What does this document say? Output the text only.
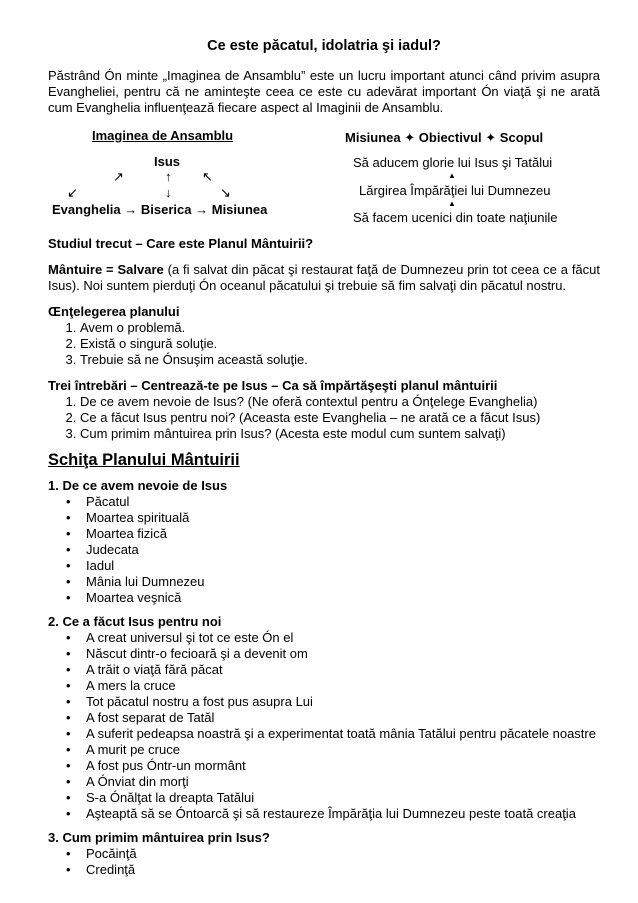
Ce este păcatul, idolatria şi iadul?

Păstrând Ón minte „Imaginea de Ansamblu” este un lucru important atunci când privim asupra Evangheliei, pentru că ne aminteşte ceea ce este cu adevărat important Ón viaţă şi ne arată cum Evanghelia influenţează fiecare aspect al Imaginii de Ansamblu.

Imaginea de Ansamblu
Isus
↗	↑ ↖
↙	↓	↘
Evanghelia → Biserica → Misiunea
Misiunea ✦ Obiectivul ✦ Scopul
Să aducem glorie lui Isus şi Tatălui
▲
Lărgirea Împărăţiei lui Dumnezeu
▲
Să facem ucenici din toate naţiunile

Studiul trecut – Care este Planul Mântuirii?

Mântuire = Salvare (a fi salvat din păcat şi restaurat faţă de Dumnezeu prin tot ceea ce a făcut Isus). Noi suntem pierduţi Ón oceanul păcatului şi trebuie să fim salvaţi din păcatul nostru.

Œnţelegerea planului
1. Avem o problemă.
2. Există o singură soluţie.
3. Trebuie să ne Ónsuşim această soluţie.
Trei întrebări – Centrează-te pe Isus – Ca să împărtăşeşti planul mântuirii
1. De ce avem nevoie de Isus? (Ne oferă contextul pentru a Ónţelege Evanghelia)
2. Ce a făcut Isus pentru noi? (Aceasta este Evanghelia – ne arată ce a făcut Isus)
3. Cum primim mântuirea prin Isus? (Acesta este modul cum suntem salvaţi)
Schiţa Planului Mântuirii
1. De ce avem nevoie de Isus
• Păcatul
• Moartea spirituală
• Moartea fizică
• Judecata
• Iadul
• Mânia lui Dumnezeu
• Moartea veşnică
2. Ce a făcut Isus pentru noi
• A creat universul şi tot ce este Ón el
• Născut dintr-o fecioară şi a devenit om
• A trăit o viaţă fără păcat
• A mers la cruce
• Tot păcatul nostru a fost pus asupra Lui
• A fost separat de Tatăl
• A suferit pedeapsa noastră şi a experimentat toată mânia Tatălui pentru păcatele noastre
• A murit pe cruce
• A fost pus Óntr-un mormânt
• A Ónviat din morţi
• S-a Ónălţat la dreapta Tatălui
• Aşteaptă să se Óntoarcă şi să restaureze Împărăţia lui Dumnezeu peste toată creaţia
3. Cum primim mântuirea prin Isus?
• Pocăinţă
• Credinţă
